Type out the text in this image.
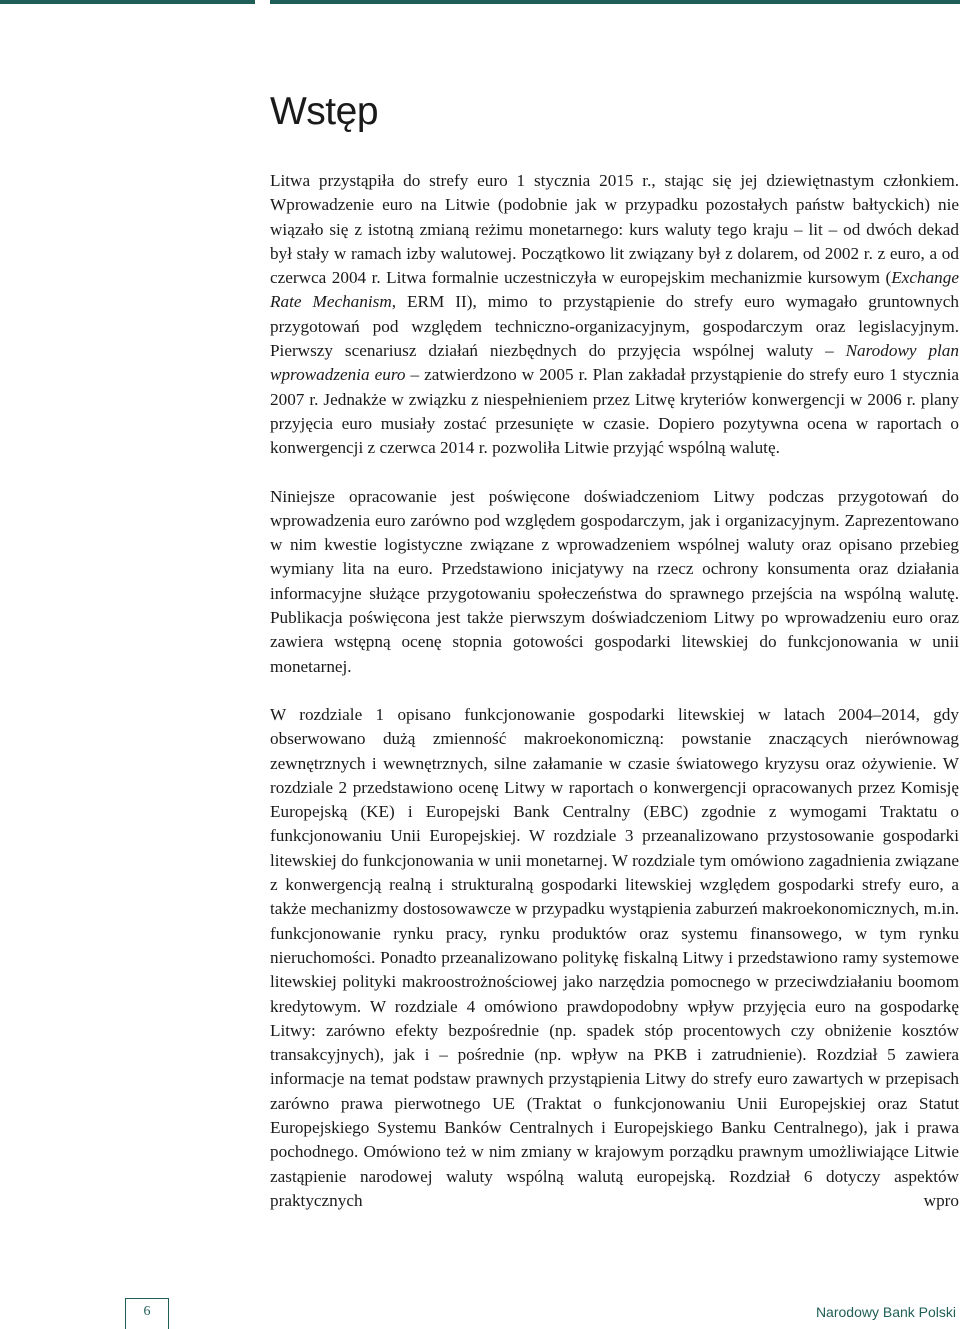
Wstęp

Litwa przystąpiła do strefy euro 1 stycznia 2015 r., stając się jej dziewiętnastym członkiem. Wprowadzenie euro na Litwie (podobnie jak w przypadku pozostałych państw bałtyckich) nie wiązało się z istotną zmianą reżimu monetarnego: kurs waluty tego kraju – lit – od dwóch dekad był stały w ramach izby walutowej. Początkowo lit związany był z dolarem, od 2002 r. z euro, a od czerwca 2004 r. Litwa formalnie uczestniczyła w europejskim mechanizmie kursowym (Exchange Rate Mechanism, ERM II), mimo to przystąpienie do strefy euro wymagało gruntownych przygotowań pod względem techniczno-organizacyjnym, gospodarczym oraz legislacyjnym. Pierwszy scenariusz działań niezbędnych do przyjęcia wspólnej waluty – Narodowy plan wprowadzenia euro – zatwierdzono w 2005 r. Plan zakładał przystąpienie do strefy euro 1 stycznia 2007 r. Jednakże w związku z niespełnieniem przez Litwę kryteriów konwergencji w 2006 r. plany przyjęcia euro musiały zostać przesunięte w czasie. Dopiero pozytywna ocena w raportach o konwergencji z czerwca 2014 r. pozwoliła Litwie przyjąć wspólną walutę.

Niniejsze opracowanie jest poświęcone doświadczeniom Litwy podczas przygotowań do wprowadzenia euro zarówno pod względem gospodarczym, jak i organizacyjnym. Zaprezentowano w nim kwestie logistyczne związane z wprowadzeniem wspólnej waluty oraz opisano przebieg wymiany lita na euro. Przedstawiono inicjatywy na rzecz ochrony konsumenta oraz działania informacyjne służące przygotowaniu społeczeństwa do sprawnego przejścia na wspólną walutę. Publikacja poświęcona jest także pierwszym doświadczeniom Litwy po wprowadzeniu euro oraz zawiera wstępną ocenę stopnia gotowości gospodarki litewskiej do funkcjonowania w unii monetarnej.

W rozdziale 1 opisano funkcjonowanie gospodarki litewskiej w latach 2004–2014, gdy obserwowano dużą zmienność makroekonomiczną: powstanie znaczących nierównowag zewnętrznych i wewnętrznych, silne załamanie w czasie światowego kryzysu oraz ożywienie. W rozdziale 2 przedstawiono ocenę Litwy w raportach o konwergencji opracowanych przez Komisję Europejską (KE) i Europejski Bank Centralny (EBC) zgodnie z wymogami Traktatu o funkcjonowaniu Unii Europejskiej. W rozdziale 3 przeanalizowano przystosowanie gospodarki litewskiej do funkcjonowania w unii monetarnej. W rozdziale tym omówiono zagadnienia związane z konwergencją realną i strukturalną gospodarki litewskiej względem gospodarki strefy euro, a także mechanizmy dostosowawcze w przypadku wystąpienia zaburzeń makroekonomicznych, m.in. funkcjonowanie rynku pracy, rynku produktów oraz systemu finansowego, w tym rynku nieruchomości. Ponadto przeanalizowano politykę fiskalną Litwy i przedstawiono ramy systemowe litewskiej polityki makroostrożnościowej jako narzędzia pomocnego w przeciwdziałaniu boomom kredytowym. W rozdziale 4 omówiono prawdopodobny wpływ przyjęcia euro na gospodarkę Litwy: zarówno efekty bezpośrednie (np. spadek stóp procentowych czy obniżenie kosztów transakcyjnych), jak i – pośrednie (np. wpływ na PKB i zatrudnienie). Rozdział 5 zawiera informacje na temat podstaw prawnych przystąpienia Litwy do strefy euro zawartych w przepisach zarówno prawa pierwotnego UE (Traktat o funkcjonowaniu Unii Europejskiej oraz Statut Europejskiego Systemu Banków Centralnych i Europejskiego Banku Centralnego), jak i prawa pochodnego. Omówiono też w nim zmiany w krajowym porządku prawnym umożliwiające Litwie zastąpienie narodowej waluty wspólną walutą europejską. Rozdział 6 dotyczy aspektów praktycznych wpro

6	Narodowy Bank Polski
